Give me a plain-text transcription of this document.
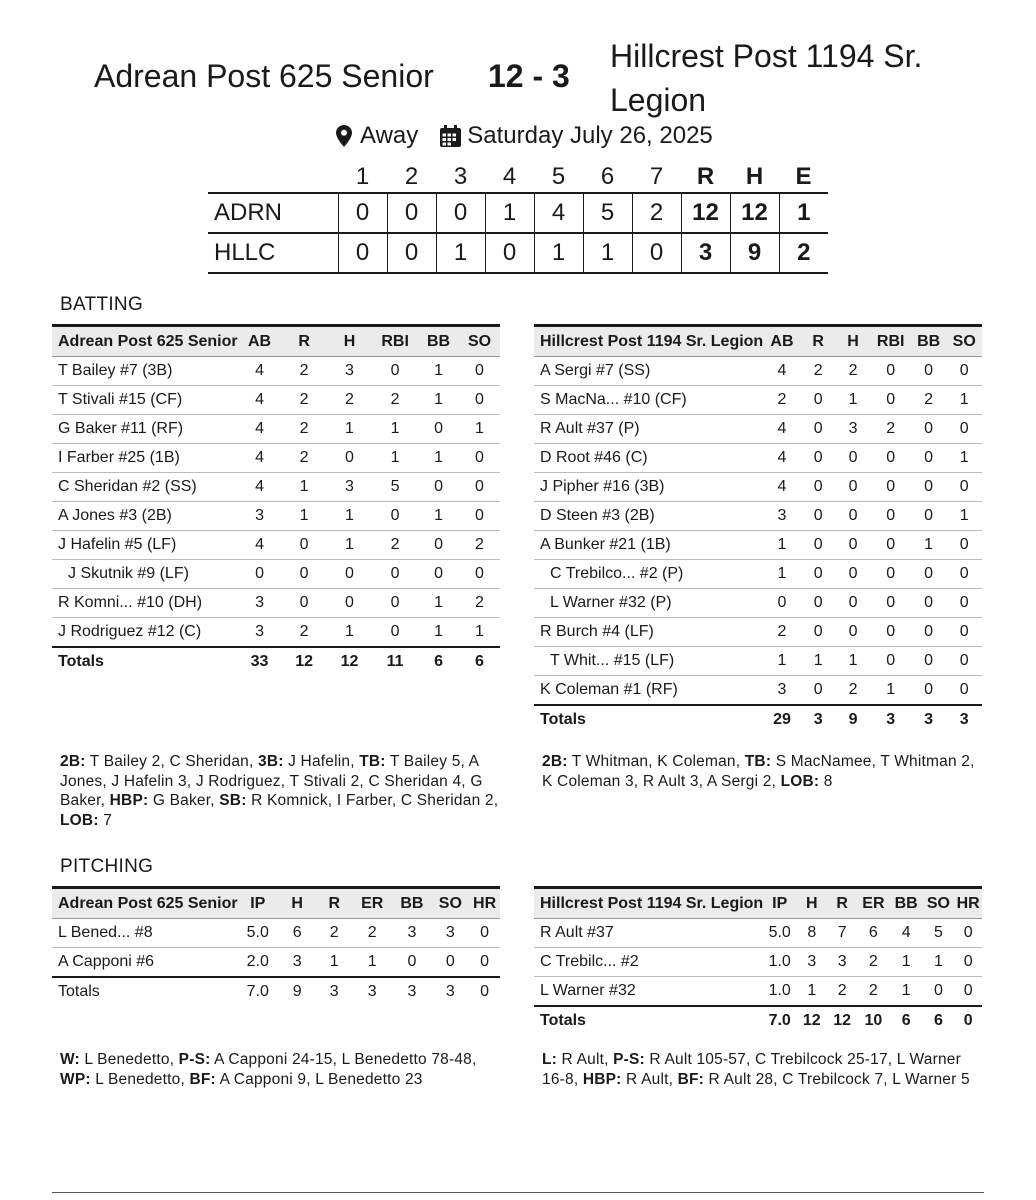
Adrean Post 625 Senior 12 - 3
Hillcrest Post 1194 Sr. Legion
Away Saturday July 26, 2025
	1	2	3	4	5	6	7	R	H	E
ADRN	0	0	0	1	4	5	2	12	12	1
HLLC	0	0	1	0	1	1	0	3	9	2
BATTING
Adrean Post 625 Senior	AB	R	H	RBI	BB	SO
T Bailey #7 (3B)	4	2	3	0	1	0
T Stivali #15 (CF)	4	2	2	2	1	0
G Baker #11 (RF)	4	2	1	1	0	1
I Farber #25 (1B)	4	2	0	1	1	0
C Sheridan #2 (SS)	4	1	3	5	0	0
A Jones #3 (2B)	3	1	1	0	1	0
J Hafelin #5 (LF)	4	0	1	2	0	2
J Skutnik #9 (LF)	0	0	0	0	0	0
R Komni... #10 (DH)	3	0	0	0	1	2
J Rodriguez #12 (C)	3	2	1	0	1	1
Totals	33	12	12	11	6	6
Hillcrest Post 1194 Sr. Legion	AB	R	H	RBI	BB	SO
A Sergi #7 (SS)	4	2	2	0	0	0
S MacNa... #10 (CF)	2	0	1	0	2	1
R Ault #37 (P)	4	0	3	2	0	0
D Root #46 (C)	4	0	0	0	0	1
J Pipher #16 (3B)	4	0	0	0	0	0
D Steen #3 (2B)	3	0	0	0	0	1
A Bunker #21 (1B)	1	0	0	0	1	0
C Trebilco... #2 (P)	1	0	0	0	0	0
L Warner #32 (P)	0	0	0	0	0	0
R Burch #4 (LF)	2	0	0	0	0	0
T Whit... #15 (LF)	1	1	1	0	0	0
K Coleman #1 (RF)	3	0	2	1	0	0
Totals	29	3	9	3	3	3
2B: T Bailey 2, C Sheridan, 3B: J Hafelin, TB: T Bailey 5, A Jones, J Hafelin 3, J Rodriguez, T Stivali 2, C Sheridan 4, G Baker, HBP: G Baker, SB: R Komnick, I Farber, C Sheridan 2, LOB: 7
2B: T Whitman, K Coleman, TB: S MacNamee, T Whitman 2, K Coleman 3, R Ault 3, A Sergi 2, LOB: 8
PITCHING
Adrean Post 625 Senior	IP	H	R	ER	BB	SO	HR
L Bened... #8	5.0	6	2	2	3	3	0
A Capponi #6	2.0	3	1	1	0	0	0
Totals	7.0	9	3	3	3	3	0
Hillcrest Post 1194 Sr. Legion	IP	H	R	ER	BB	SO	HR
R Ault #37	5.0	8	7	6	4	5	0
C Trebilc... #2	1.0	3	3	2	1	1	0
L Warner #32	1.0	1	2	2	1	0	0
Totals	7.0	12	12	10	6	6	0
W: L Benedetto, P-S: A Capponi 24-15, L Benedetto 78-48, WP: L Benedetto, BF: A Capponi 9, L Benedetto 23
L: R Ault, P-S: R Ault 105-57, C Trebilcock 25-17, L Warner 16-8, HBP: R Ault, BF: R Ault 28, C Trebilcock 7, L Warner 5
